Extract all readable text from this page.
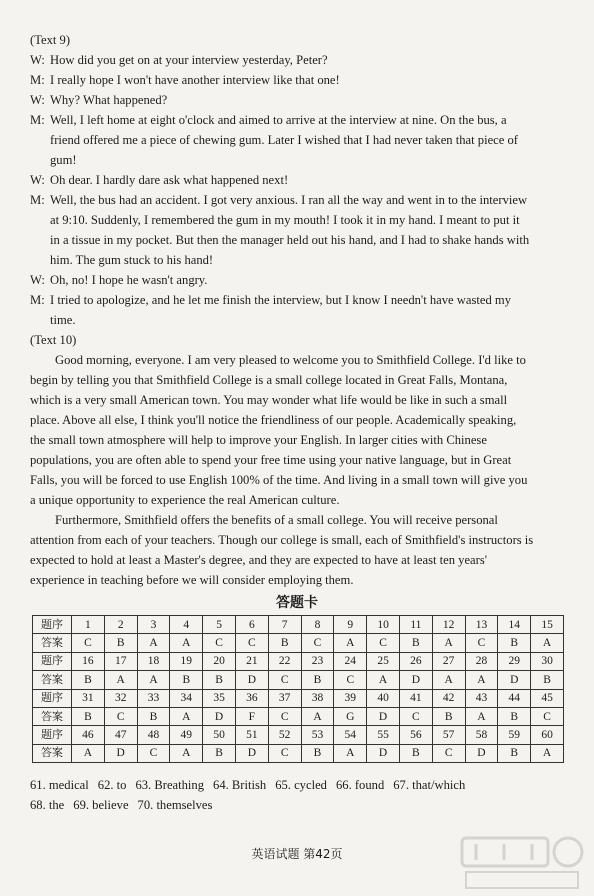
(Text 9)
W: How did you get on at your interview yesterday, Peter?
M: I really hope I won't have another interview like that one!
W: Why? What happened?
M: Well, I left home at eight o'clock and aimed to arrive at the interview at nine. On the bus, a
friend offered me a piece of chewing gum. Later I wished that I had never taken that piece of
gum!
W: Oh dear. I hardly dare ask what happened next!
M: Well, the bus had an accident. I got very anxious. I ran all the way and went in to the interview
at 9:10. Suddenly, I remembered the gum in my mouth! I took it in my hand. I meant to put it
in a tissue in my pocket. But then the manager held out his hand, and I had to shake hands with
him. The gum stuck to his hand!
W: Oh, no! I hope he wasn't angry.
M: I tried to apologize, and he let me finish the interview, but I know I needn't have wasted my
time.
(Text 10)
Good morning, everyone. I am very pleased to welcome you to Smithfield College. I'd like to
begin by telling you that Smithfield College is a small college located in Great Falls, Montana,
which is a very small American town. You may wonder what life would be like in such a small
place. Above all else, I think you'll notice the friendliness of our people. Academically speaking,
the small town atmosphere will help to improve your English. In larger cities with Chinese
populations, you are often able to spend your free time using your native language, but in Great
Falls, you will be forced to use English 100% of the time. And living in a small town will give you
a unique opportunity to experience the real American culture.
Furthermore, Smithfield offers the benefits of a small college. You will receive personal
attention from each of your teachers. Though our college is small, each of Smithfield's instructors is
expected to hold at least a Master's degree, and they are expected to have at least ten years'
experience in teaching before we will consider employing them.
答题卡
题序	1	2	3	4	5	6	7	8	9	10	11	12	13	14	15
答案	C	B	A	A	C	C	B	C	A	C	B	A	C	B	A
题序	16	17	18	19	20	21	22	23	24	25	26	27	28	29	30
答案	B	A	A	B	B	D	C	B	C	A	D	A	A	D	B
题序	31	32	33	34	35	36	37	38	39	40	41	42	43	44	45
答案	B	C	B	A	D	F	C	A	G	D	C	B	A	B	C
题序	46	47	48	49	50	51	52	53	54	55	56	57	58	59	60
答案	A	D	C	A	B	D	C	B	A	D	B	C	D	B	A
61. medical 62. to 63. Breathing 64. British 65. cycled 66. found 67. that/which
68. the 69. believe 70. themselves
英语试题 第42页
